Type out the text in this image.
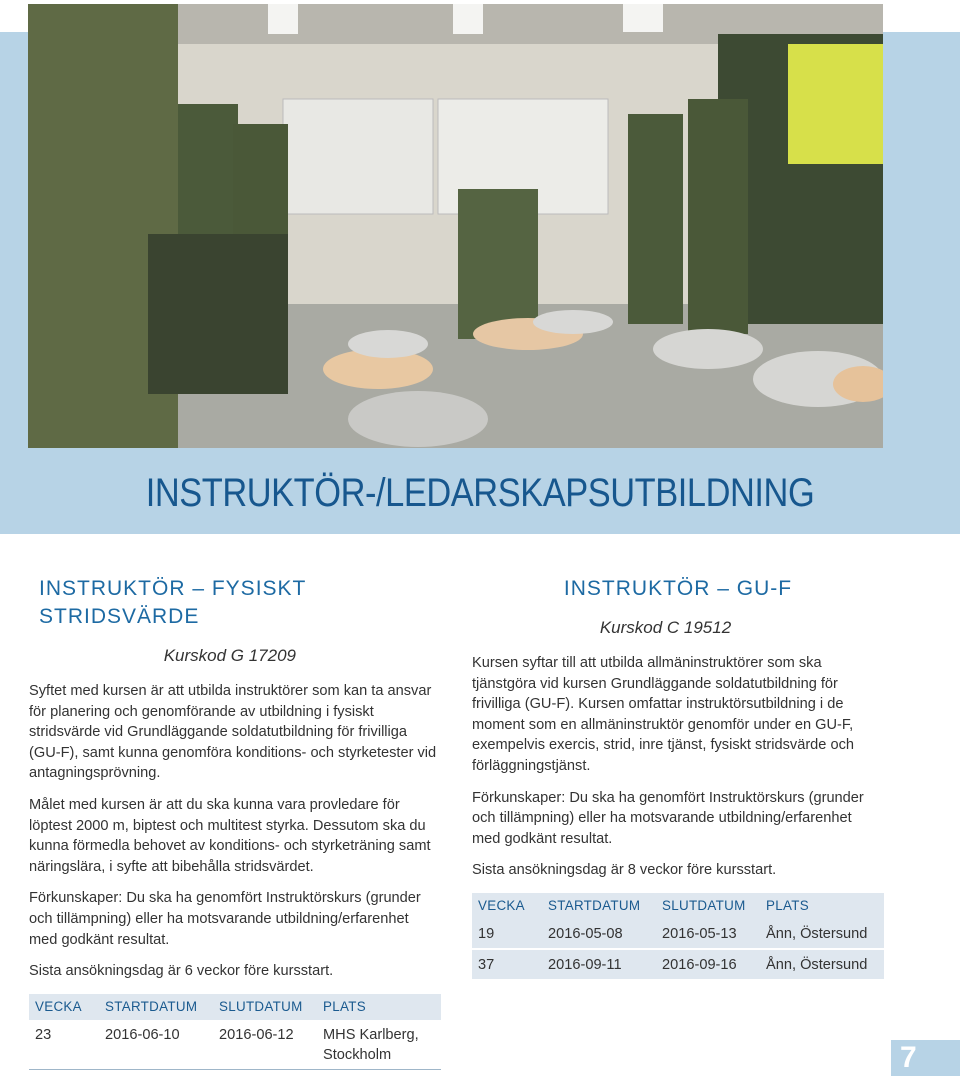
INSTRUKTÖR-/LEDARSKAPSUTBILDNING
INSTRUKTÖR – FYSISKT STRIDSVÄRDE
Kurskod G 17209

Syftet med kursen är att utbilda instruktörer som kan ta ansvar för planering och genomförande av utbildning i fysiskt stridsvärde vid Grundläggande soldatutbildning för frivilliga (GU-F), samt kunna genomföra konditions- och styrketester vid antagningsprövning.

Målet med kursen är att du ska kunna vara provledare för löptest 2000 m, biptest och multitest styrka. Dessutom ska du kunna förmedla behovet av konditions- och styrketräning samt näringslära, i syfte att bibehålla stridsvärdet.

Förkunskaper: Du ska ha genomfört Instruktörskurs (grunder och tillämpning) eller ha motsvarande utbildning/erfarenhet med godkänt resultat.

Sista ansökningsdag är 6 veckor före kursstart.

VECKA	STARTDATUM	SLUTDATUM	PLATS
23	2016-06-10	2016-06-12	MHS Karlberg, Stockholm
INSTRUKTÖR – GU-F
Kurskod C 19512

Kursen syftar till att utbilda allmäninstruktörer som ska tjänstgöra vid kursen Grundläggande soldatutbildning för frivilliga (GU-F). Kursen omfattar instruktörsutbildning i de moment som en allmäninstruktör genomför under en GU-F, exempelvis exercis, strid, inre tjänst, fysiskt stridsvärde och förläggningstjänst.

Förkunskaper: Du ska ha genomfört Instruktörskurs (grunder och tillämpning) eller ha motsvarande utbildning/erfarenhet med godkänt resultat.

Sista ansökningsdag är 8 veckor före kursstart.

VECKA	STARTDATUM	SLUTDATUM	PLATS
19	2016-05-08	2016-05-13	Ånn, Östersund
37	2016-09-11	2016-09-16	Ånn, Östersund
7
